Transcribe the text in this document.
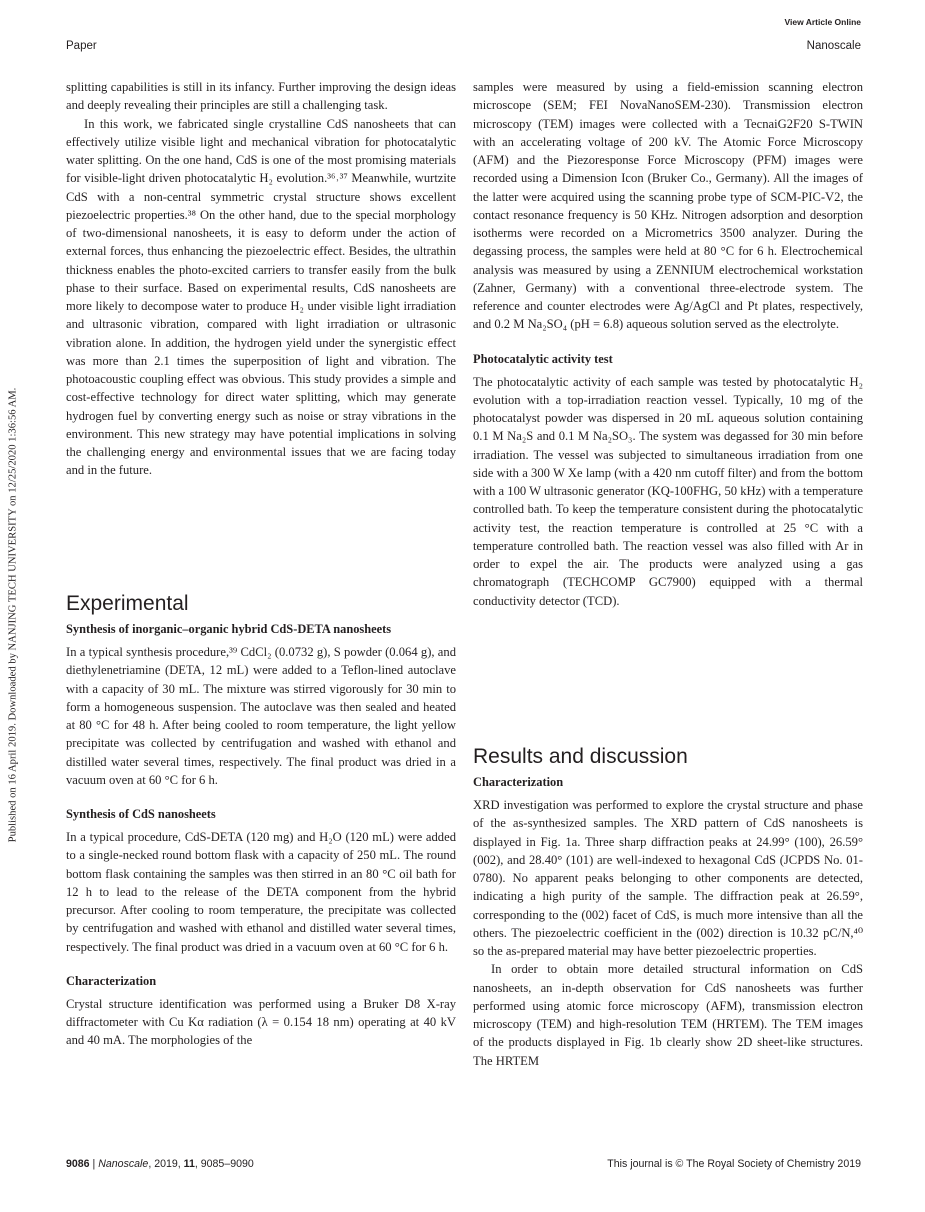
View Article Online
Paper	Nanoscale
Published on 16 April 2019. Downloaded by NANJING TECH UNIVERSITY on 12/25/2020 1:36:56 AM.

splitting capabilities is still in its infancy. Further improving the design ideas and deeply revealing their principles are still a challenging task.

In this work, we fabricated single crystalline CdS nanosheets that can effectively utilize visible light and mechanical vibration for photocatalytic water splitting. On the one hand, CdS is one of the most promising materials for visible-light driven photocatalytic H₂ evolution.³⁶˒³⁷ Meanwhile, wurtzite CdS with a non-central symmetric crystal structure shows excellent piezoelectric properties.³⁸ On the other hand, due to the special morphology of two-dimensional nanosheets, it is easy to deform under the action of external forces, thus enhancing the piezoelectric effect. Besides, the ultrathin thickness enables the photo-excited carriers to transfer easily from the bulk phase to their surface. Based on experimental results, CdS nanosheets are more likely to decompose water to produce H₂ under visible light irradiation and ultrasonic vibration, compared with light irradiation or ultrasonic vibration alone. In addition, the hydrogen yield under the synergistic effect was more than 2.1 times the superposition of light and vibration. The photoacoustic coupling effect was obvious. This study provides a simple and cost-effective technology for direct water splitting, which may generate hydrogen fuel by converting energy such as noise or stray vibrations in the environment. This new strategy may have potential implications in solving the challenging energy and environmental issues that we are facing today and in the future.

Experimental
Synthesis of inorganic–organic hybrid CdS-DETA nanosheets

In a typical synthesis procedure,³⁹ CdCl₂ (0.0732 g), S powder (0.064 g), and diethylenetriamine (DETA, 12 mL) were added to a Teflon-lined autoclave with a capacity of 30 mL. The mixture was stirred vigorously for 30 min to form a homogeneous suspension. The autoclave was then sealed and heated at 80 °C for 48 h. After being cooled to room temperature, the light yellow precipitate was collected by centrifugation and washed with ethanol and distilled water several times, respectively. The final product was dried in a vacuum oven at 60 °C for 6 h.

Synthesis of CdS nanosheets

In a typical procedure, CdS-DETA (120 mg) and H₂O (120 mL) were added to a single-necked round bottom flask with a capacity of 250 mL. The round bottom flask containing the samples was then stirred in an 80 °C oil bath for 12 h to lead to the release of the DETA component from the hybrid precursor. After cooling to room temperature, the precipitate was collected by centrifugation and washed with ethanol and distilled water several times, respectively. The final product was dried in a vacuum oven at 60 °C for 6 h.

Characterization

Crystal structure identification was performed using a Bruker D8 X-ray diffractometer with Cu Kα radiation (λ = 0.154 18 nm) operating at 40 kV and 40 mA. The morphologies of the

samples were measured by using a field-emission scanning electron microscope (SEM; FEI NovaNanoSEM-230). Transmission electron microscopy (TEM) images were collected with a TecnaiG2F20 S-TWIN with an accelerating voltage of 200 kV. The Atomic Force Microscopy (AFM) and the Piezoresponse Force Microscopy (PFM) images were recorded using a Dimension Icon (Bruker Co., Germany). All the images of the latter were acquired using the scanning probe type of SCM-PIC-V2, the contact resonance frequency is 50 KHz. Nitrogen adsorption and desorption isotherms were recorded on a Micrometrics 3500 analyzer. During the degassing process, the samples were held at 80 °C for 6 h. Electrochemical analysis was measured by using a ZENNIUM electrochemical workstation (Zahner, Germany) with a conventional three-electrode system. The reference and counter electrodes were Ag/AgCl and Pt plates, respectively, and 0.2 M Na₂SO₄ (pH = 6.8) aqueous solution served as the electrolyte.

Photocatalytic activity test

The photocatalytic activity of each sample was tested by photocatalytic H₂ evolution with a top-irradiation reaction vessel. Typically, 10 mg of the photocatalyst powder was dispersed in 20 mL aqueous solution containing 0.1 M Na₂S and 0.1 M Na₂SO₃. The system was degassed for 30 min before irradiation. The vessel was subjected to simultaneous irradiation from one side with a 300 W Xe lamp (with a 420 nm cutoff filter) and from the bottom with a 100 W ultrasonic generator (KQ-100FHG, 50 kHz) with a temperature controlled bath. To keep the temperature consistent during the photocatalytic activity test, the reaction temperature is controlled at 25 °C with a temperature controlled bath. The reaction vessel was also filled with Ar in order to expel the air. The products were analyzed using a gas chromatograph (TECHCOMP GC7900) equipped with a thermal conductivity detector (TCD).

Results and discussion
Characterization

XRD investigation was performed to explore the crystal structure and phase of the as-synthesized samples. The XRD pattern of CdS nanosheets is displayed in Fig. 1a. Three sharp diffraction peaks at 24.99° (100), 26.59° (002), and 28.40° (101) are well-indexed to hexagonal CdS (JCPDS No. 01-0780). No apparent peaks belonging to other components are detected, indicating a high purity of the sample. The diffraction peak at 26.59°, corresponding to the (002) facet of CdS, is much more intensive than all the others. The piezoelectric coefficient in the (002) direction is 10.32 pC/N,⁴⁰ so the as-prepared material may have better piezoelectric properties.

In order to obtain more detailed structural information on CdS nanosheets, an in-depth observation for CdS nanosheets was further performed using atomic force microscopy (AFM), transmission electron microscopy (TEM) and high-resolution TEM (HRTEM). The TEM images of the products displayed in Fig. 1b clearly show 2D sheet-like structures. The HRTEM

9086 | Nanoscale, 2019, 11, 9085–9090	This journal is © The Royal Society of Chemistry 2019
